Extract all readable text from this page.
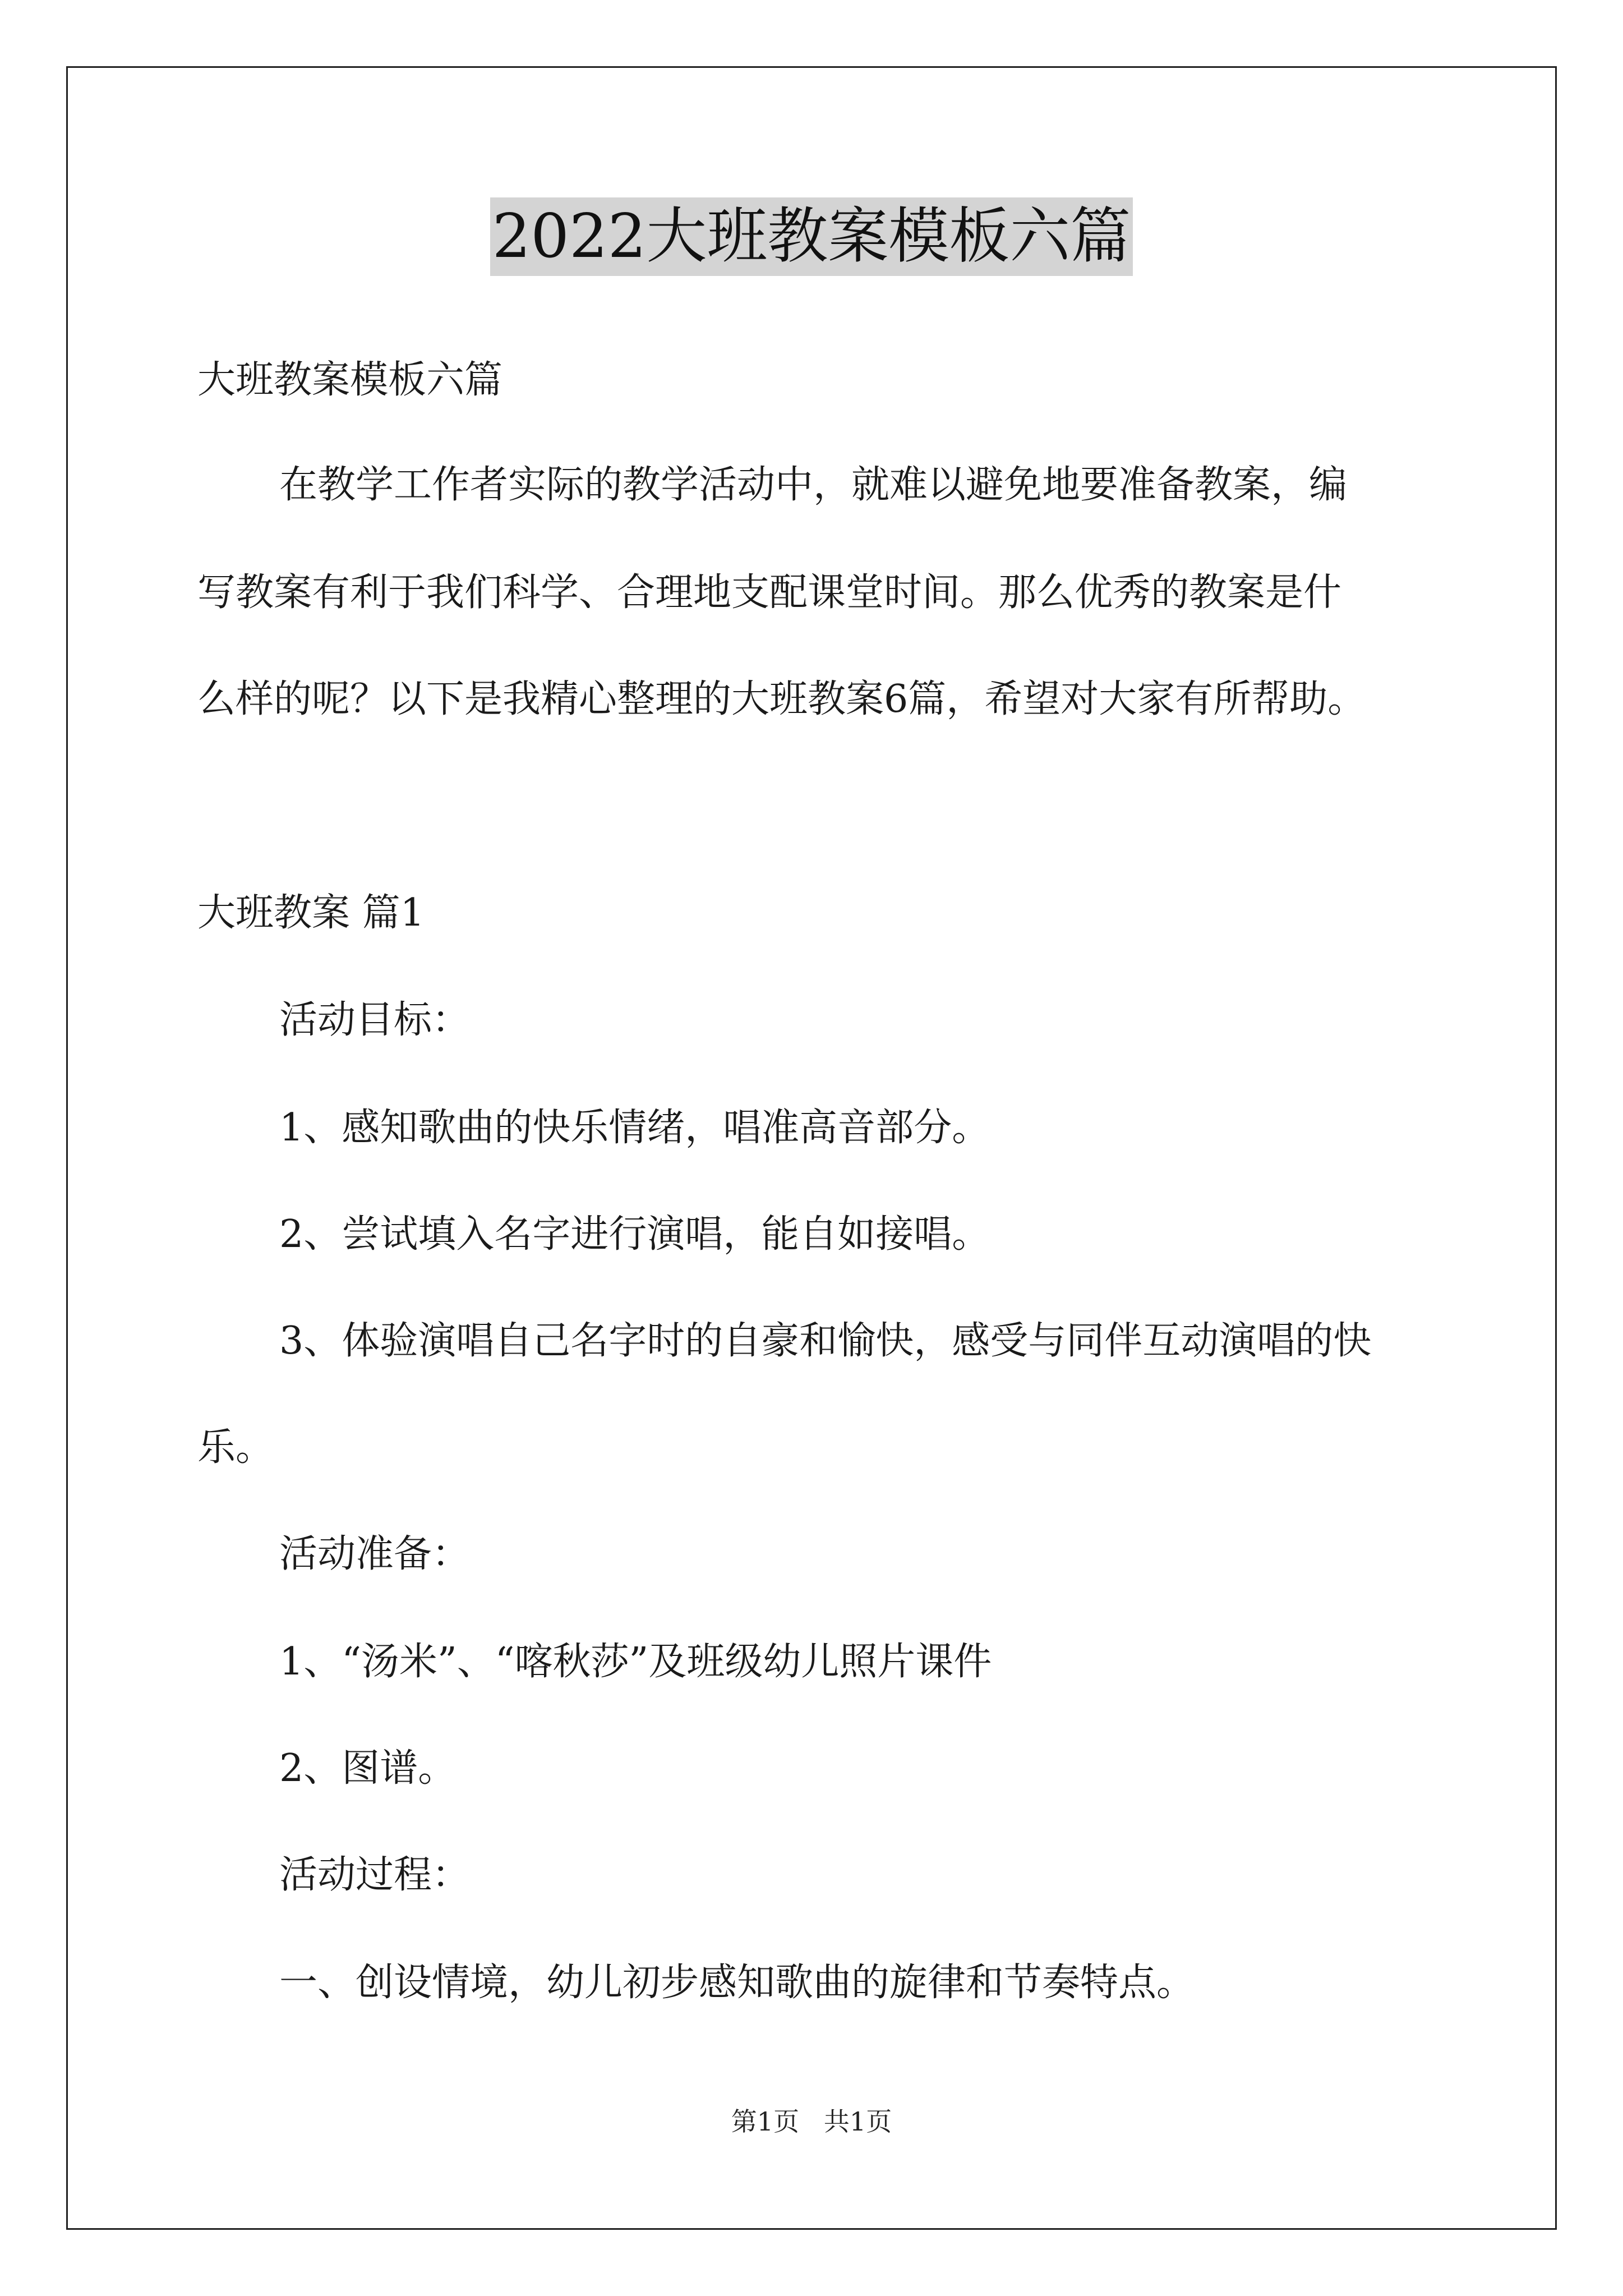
2022大班教案模板六篇
大班教案模板六篇
在教学工作者实际的教学活动中，就难以避免地要准备教案，编
写教案有利于我们科学、合理地支配课堂时间。那么优秀的教案是什
么样的呢？以下是我精心整理的大班教案6篇，希望对大家有所帮助。
大班教案 篇1
活动目标：
1、感知歌曲的快乐情绪，唱准高音部分。
2、尝试填入名字进行演唱，能自如接唱。
3、体验演唱自己名字时的自豪和愉快，感受与同伴互动演唱的快
乐。
活动准备：
1、“汤米”、“喀秋莎”及班级幼儿照片课件
2、图谱。
活动过程：
一、创设情境，幼儿初步感知歌曲的旋律和节奏特点。
第1页   共1页
